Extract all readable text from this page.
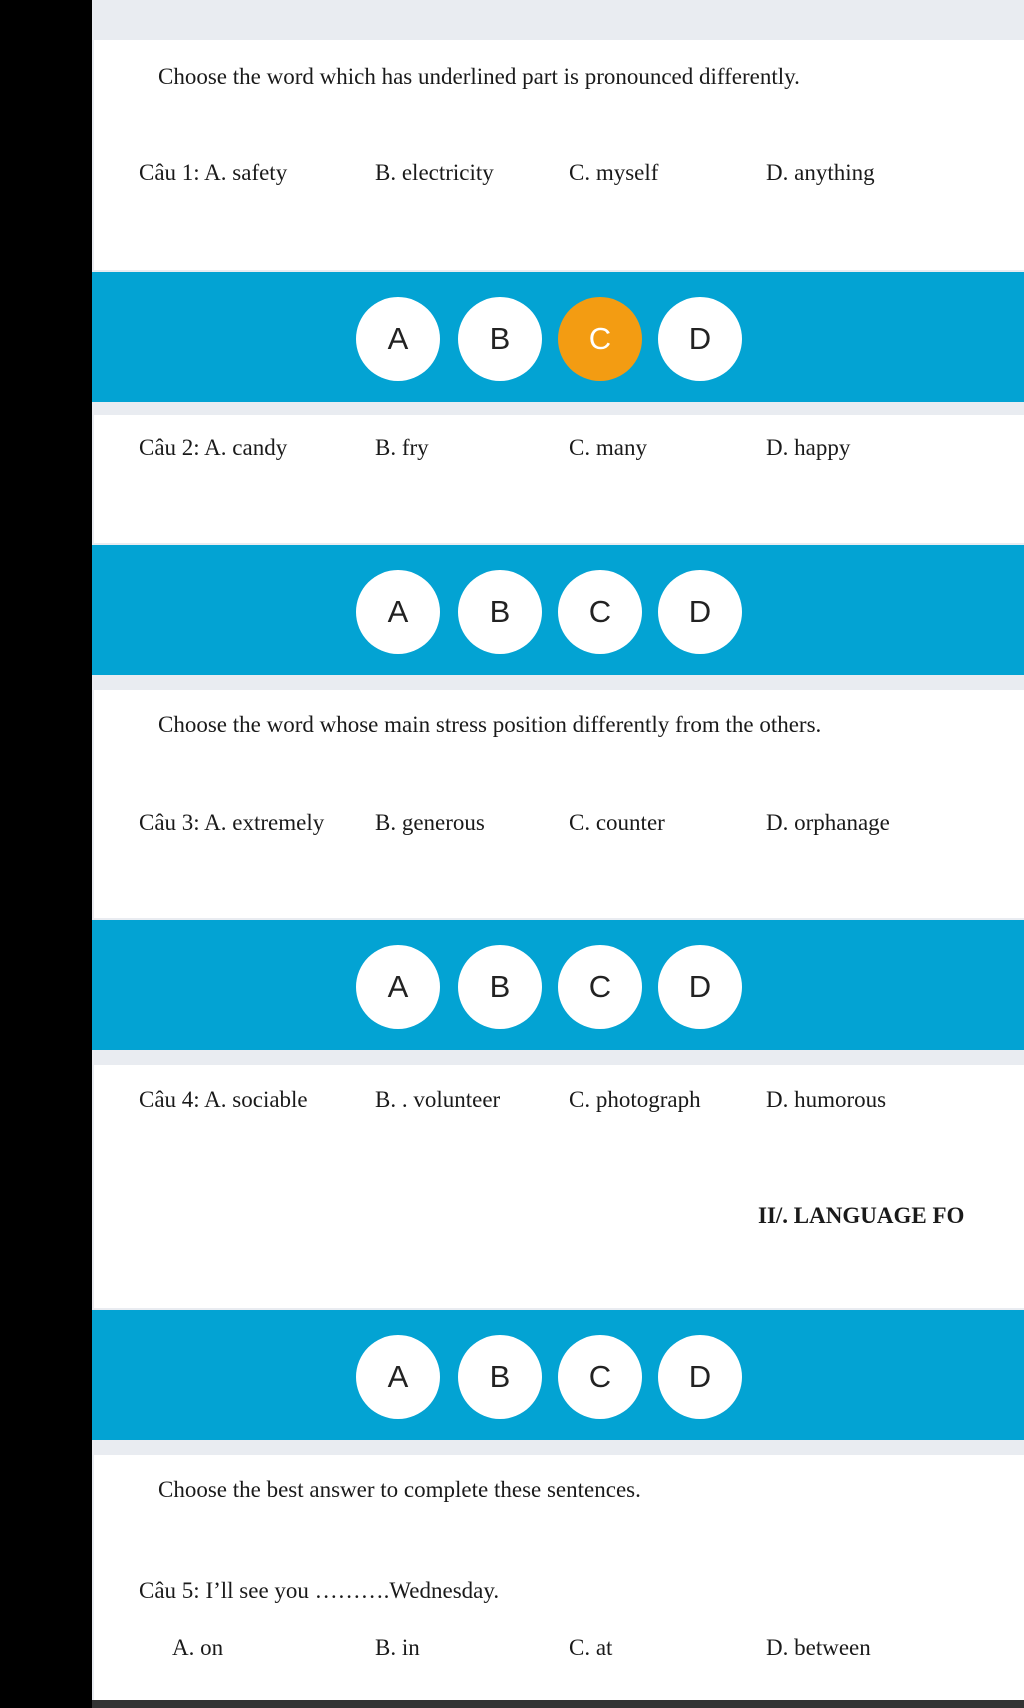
Choose the word which has underlined part is pronounced differently.
Câu 1: A. safety	B. electricity	C. myself	D. anything
A	B	C	D
Câu 2: A. candy	B. fry	C. many	D. happy
A	B	C	D
Choose the word whose main stress position differently from the others.
Câu 3: A. extremely B. generous	C. counter	D. orphanage
A	B	C	D
Câu 4: A. sociable	B. . volunteer	C. photograph	D. humorous
II/. LANGUAGE FO
A	B	C	D
Choose the best answer to complete these sentences.
Câu 5: I’ll see you ……….Wednesday.
A. on	B. in	C. at	D. between
